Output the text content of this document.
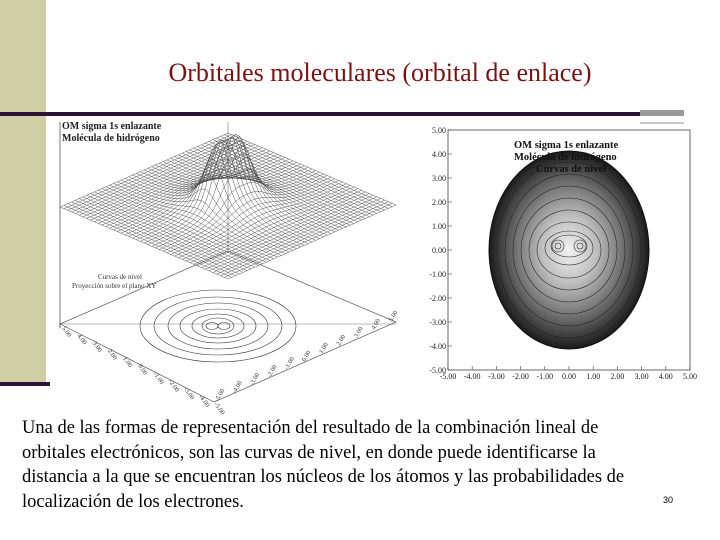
Orbitales moleculares (orbital de enlace)
OM sigma 1s enlazante
Molécula de hidrógeno
Curvas de nivel
Proyección sobre el plano XY
5.00
4.00
3.00
2.00
1.00
0.00
-1.00
-2.00
-3.00
-4.00
-5.00
-5.00
-4.00
-3.00
-2.00
-1.00 0.00
1.00
2.00
3.00
4.00
5.00
OM sigma 1s enlazante
Molécula de hidrógeno
Curvas de nivel
5.00
4.00
3.00
2.00
1.00
0.00
-1.00
-2.00
-3.00
-4.00
-5.00
-5.00 -4.00 -3.00 -2.00 -1.00 0.00 1.00 2.00 3.00 4.00 5.00
Una de las formas de representación del resultado de la combinación lineal de
orbitales electrónicos, son las curvas de nivel, en donde puede identificarse la
distancia a la que se encuentran los núcleos de los átomos y las probabilidades de
localización de los electrones.	30
